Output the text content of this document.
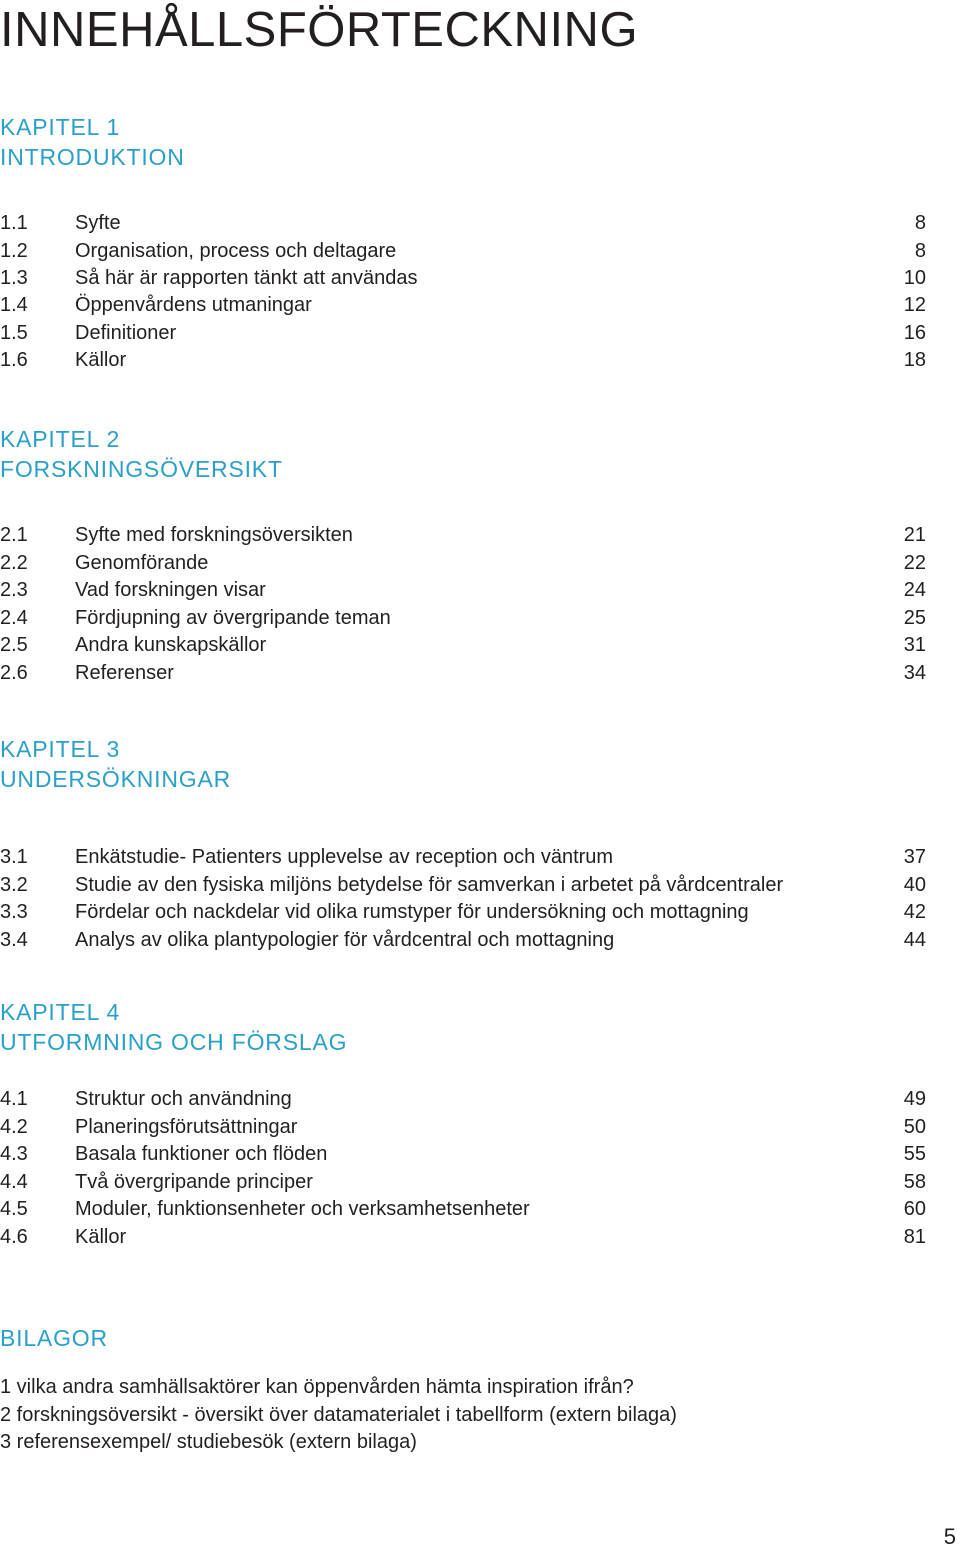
INNEHÅLLSFÖRTECKNING
KAPITEL 1
INTRODUKTION
1.1 Syfte	8
1.2 Organisation, process och deltagare	8
1.3 Så här är rapporten tänkt att användas	10
1.4 Öppenvårdens utmaningar	12
1.5 Definitioner	16
1.6 Källor	18
KAPITEL 2
FORSKNINGSÖVERSIKT
2.1 Syfte med forskningsöversikten	21
2.2 Genomförande	22
2.3 Vad forskningen visar	24
2.4 Fördjupning av övergripande teman	25
2.5 Andra kunskapskällor	31
2.6 Referenser	34
KAPITEL 3
UNDERSÖKNINGAR
3.1 Enkätstudie- Patienters upplevelse av reception och väntrum	37
3.2 Studie av den fysiska miljöns betydelse för samverkan i arbetet på vårdcentraler	40
3.3 Fördelar och nackdelar vid olika rumstyper för undersökning och mottagning	42
3.4 Analys av olika plantypologier för vårdcentral och mottagning	44
KAPITEL 4
UTFORMNING OCH FÖRSLAG
4.1 Struktur och användning	49
4.2 Planeringsförutsättningar	50
4.3 Basala funktioner och flöden	55
4.4 Två övergripande principer	58
4.5 Moduler, funktionsenheter och verksamhetsenheter	60
4.6 Källor	81
BILAGOR
1 vilka andra samhällsaktörer kan öppenvården hämta inspiration ifrån?
2 forskningsöversikt - översikt över datamaterialet i tabellform (extern bilaga)
3 referensexempel/ studiebesök (extern bilaga)
5
